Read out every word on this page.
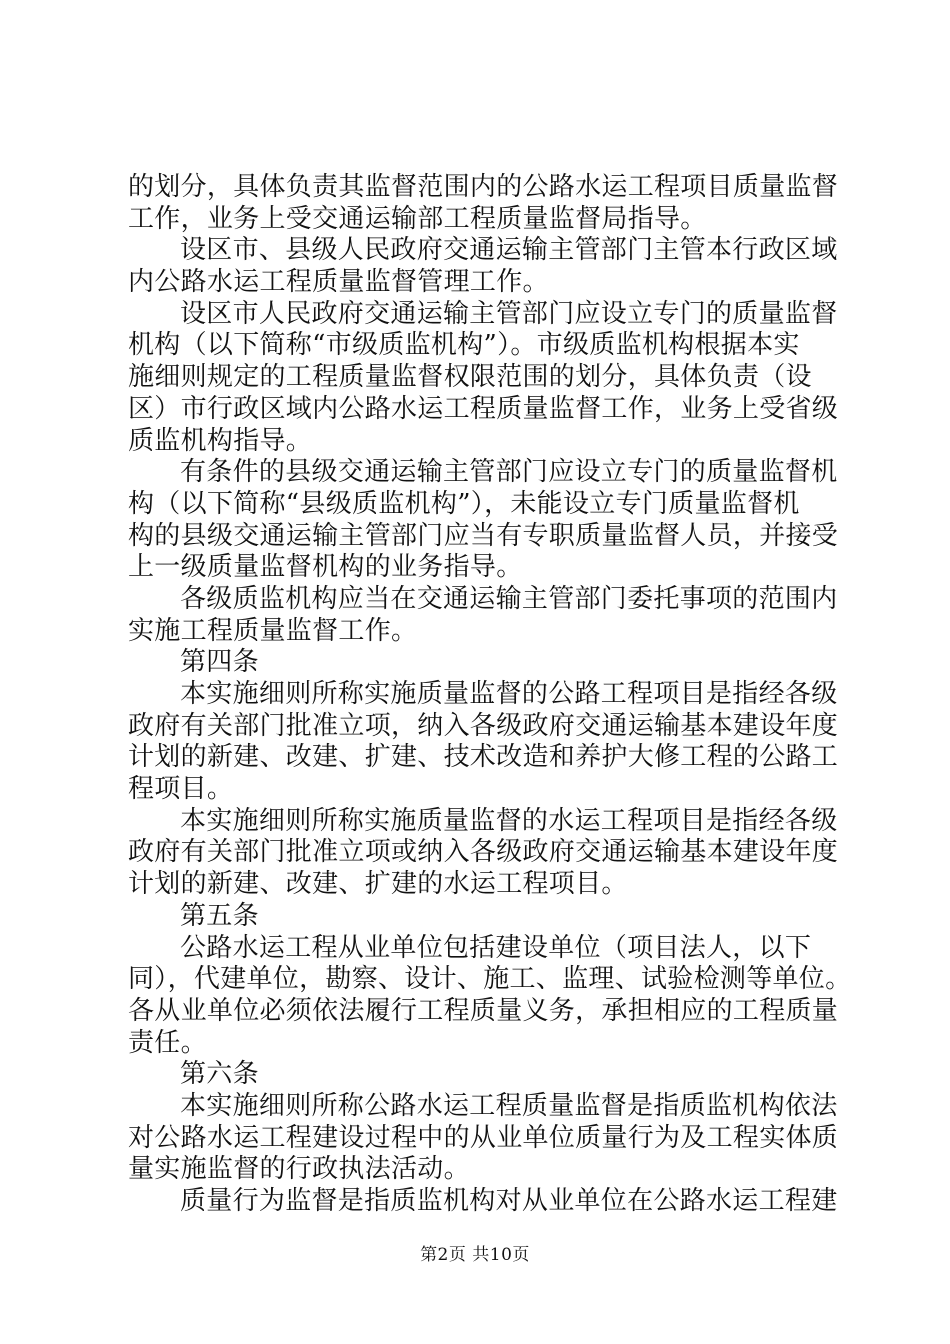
的划分，具体负责其监督范围内的公路水运工程项目质量监督
工作，业务上受交通运输部工程质量监督局指导。
设区市、县级人民政府交通运输主管部门主管本行政区域
内公路水运工程质量监督管理工作。
设区市人民政府交通运输主管部门应设立专门的质量监督
机构（以下简称“市级质监机构”）。市级质监机构根据本实
施细则规定的工程质量监督权限范围的划分，具体负责（设
区）市行政区域内公路水运工程质量监督工作，业务上受省级
质监机构指导。
有条件的县级交通运输主管部门应设立专门的质量监督机
构（以下简称“县级质监机构”），未能设立专门质量监督机
构的县级交通运输主管部门应当有专职质量监督人员，并接受
上一级质量监督机构的业务指导。
各级质监机构应当在交通运输主管部门委托事项的范围内
实施工程质量监督工作。
第四条
本实施细则所称实施质量监督的公路工程项目是指经各级
政府有关部门批准立项，纳入各级政府交通运输基本建设年度
计划的新建、改建、扩建、技术改造和养护大修工程的公路工
程项目。
本实施细则所称实施质量监督的水运工程项目是指经各级
政府有关部门批准立项或纳入各级政府交通运输基本建设年度
计划的新建、改建、扩建的水运工程项目。
第五条
公路水运工程从业单位包括建设单位（项目法人，以下
同），代建单位，勘察、设计、施工、监理、试验检测等单位。
各从业单位必须依法履行工程质量义务，承担相应的工程质量
责任。
第六条
本实施细则所称公路水运工程质量监督是指质监机构依法
对公路水运工程建设过程中的从业单位质量行为及工程实体质
量实施监督的行政执法活动。
质量行为监督是指质监机构对从业单位在公路水运工程建
第2页 共10页
